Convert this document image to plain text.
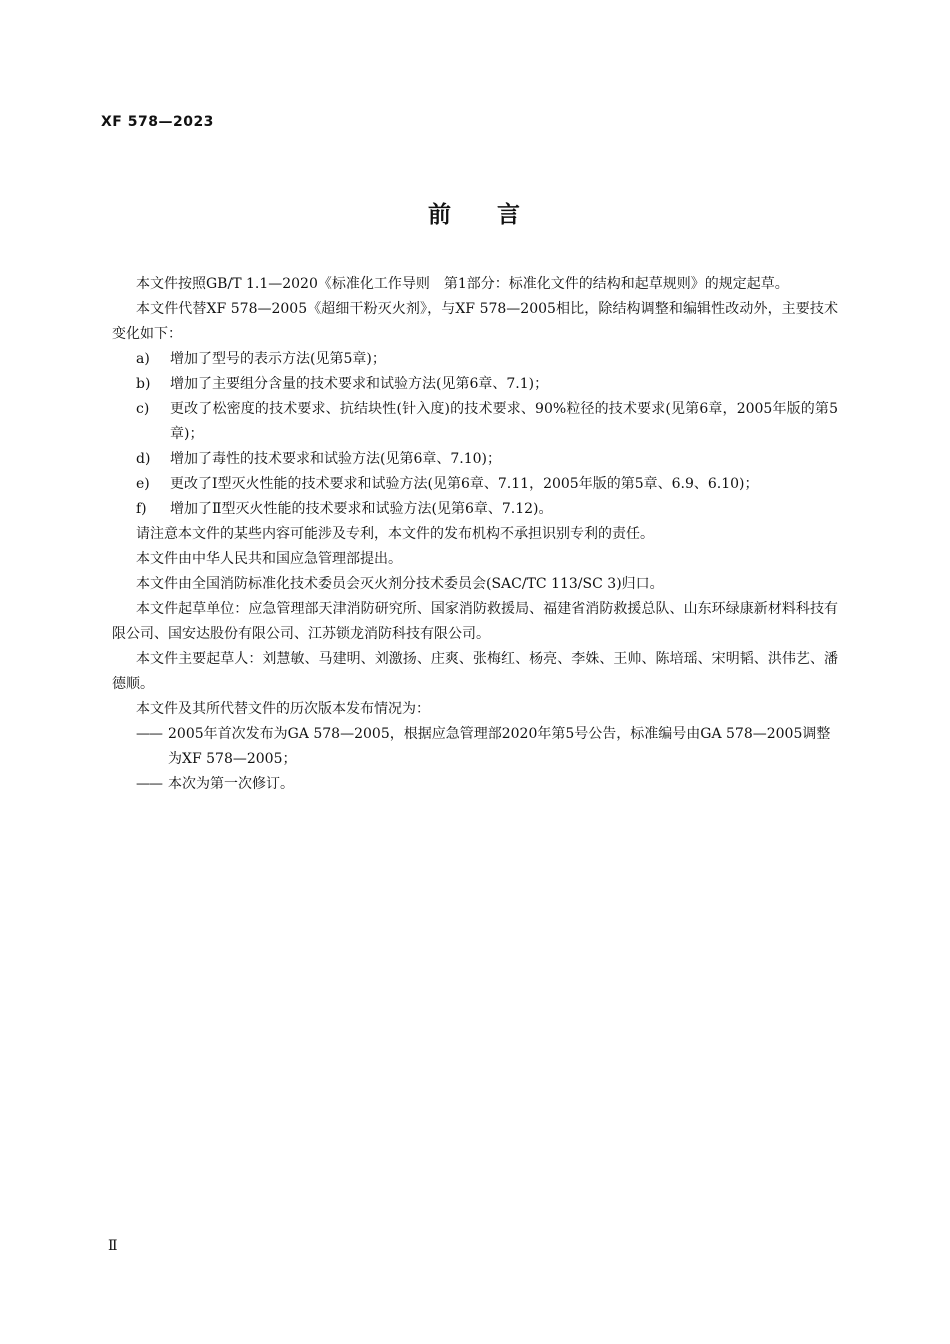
XF 578—2023
前 言

本文件按照GB/T 1.1—2020《标准化工作导则　第1部分：标准化文件的结构和起草规则》的规定起草。

本文件代替XF 578—2005《超细干粉灭火剂》，与XF 578—2005相比，除结构调整和编辑性改动外，主要技术变化如下：

a)	增加了型号的表示方法(见第5章)；
b)	增加了主要组分含量的技术要求和试验方法(见第6章、7.1)；
c)	更改了松密度的技术要求、抗结块性(针入度)的技术要求、90%粒径的技术要求(见第6章，2005年版的第5章)；
d)	增加了毒性的技术要求和试验方法(见第6章、7.10)；
e)	更改了Ⅰ型灭火性能的技术要求和试验方法(见第6章、7.11，2005年版的第5章、6.9、6.10)；
f)	增加了Ⅱ型灭火性能的技术要求和试验方法(见第6章、7.12)。

请注意本文件的某些内容可能涉及专利，本文件的发布机构不承担识别专利的责任。

本文件由中华人民共和国应急管理部提出。

本文件由全国消防标准化技术委员会灭火剂分技术委员会(SAC/TC 113/SC 3)归口。

本文件起草单位：应急管理部天津消防研究所、国家消防救援局、福建省消防救援总队、山东环绿康新材料科技有限公司、国安达股份有限公司、江苏锁龙消防科技有限公司。

本文件主要起草人：刘慧敏、马建明、刘激扬、庄爽、张梅红、杨亮、李姝、王帅、陈培瑶、宋明韬、洪伟艺、潘德顺。

本文件及其所代替文件的历次版本发布情况为：

—— 2005年首次发布为GA 578—2005，根据应急管理部2020年第5号公告，标准编号由GA 578—2005调整为XF 578—2005；
—— 本次为第一次修订。
Ⅱ
